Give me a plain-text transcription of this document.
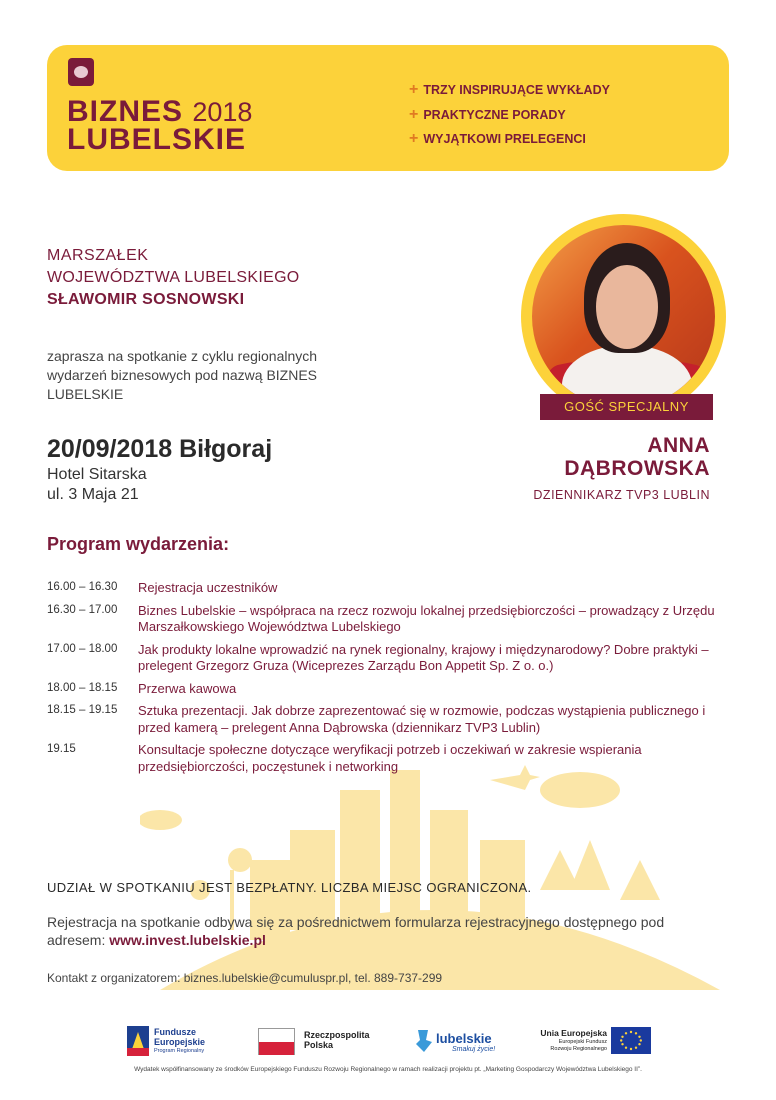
BIZNES 2018
LUBELSKIE
+ TRZY INSPIRUJĄCE WYKŁADY
+ PRAKTYCZNE PORADY
+ WYJĄTKOWI PRELEGENCI
MARSZAŁEK
WOJEWÓDZTWA LUBELSKIEGO
SŁAWOMIR SOSNOWSKI
zaprasza na spotkanie z cyklu regionalnych wydarzeń biznesowych pod nazwą BIZNES LUBELSKIE
20/09/2018 Biłgoraj
Hotel Sitarska
ul. 3 Maja 21
GOŚĆ SPECJALNY
ANNA
DĄBROWSKA
DZIENNIKARZ TVP3 LUBLIN
Program wydarzenia:
16.00 – 16.30	Rejestracja uczestników
16.30 – 17.00	Biznes Lubelskie – współpraca na rzecz rozwoju lokalnej przedsiębiorczości – prowadzący z Urzędu Marszałkowskiego Województwa Lubelskiego
17.00 – 18.00	Jak produkty lokalne wprowadzić na rynek regionalny, krajowy i międzynarodowy? Dobre praktyki – prelegent Grzegorz Gruza (Wiceprezes Zarządu Bon Appetit Sp. Z o. o.)
18.00 – 18.15	Przerwa kawowa
18.15 – 19.15	Sztuka prezentacji. Jak dobrze zaprezentować się w rozmowie, podczas wystąpienia publicznego i przed kamerą – prelegent Anna Dąbrowska (dziennikarz TVP3 Lublin)
19.15	Konsultacje społeczne dotyczące weryfikacji potrzeb i oczekiwań w zakresie wspierania przedsiębiorczości, poczęstunek i networking
UDZIAŁ W SPOTKANIU JEST BEZPŁATNY. LICZBA MIEJSC OGRANICZONA.
Rejestracja na spotkanie odbywa się za pośrednictwem formularza rejestracyjnego dostępnego pod adresem: www.invest.lubelskie.pl
Kontakt z organizatorem: biznes.lubelskie@cumuluspr.pl, tel. 889-737-299
Fundusze
Europejskie
Program Regionalny
Rzeczpospolita
Polska	lubelskie
Smakuj życie!
Unia Europejska
Europejski Fundusz
Rozwoju Regionalnego
Wydatek współfinansowany ze środków Europejskiego Funduszu Rozwoju Regionalnego w ramach realizacji projektu pt. „Marketing Gospodarczy Województwa Lubelskiego II”.
